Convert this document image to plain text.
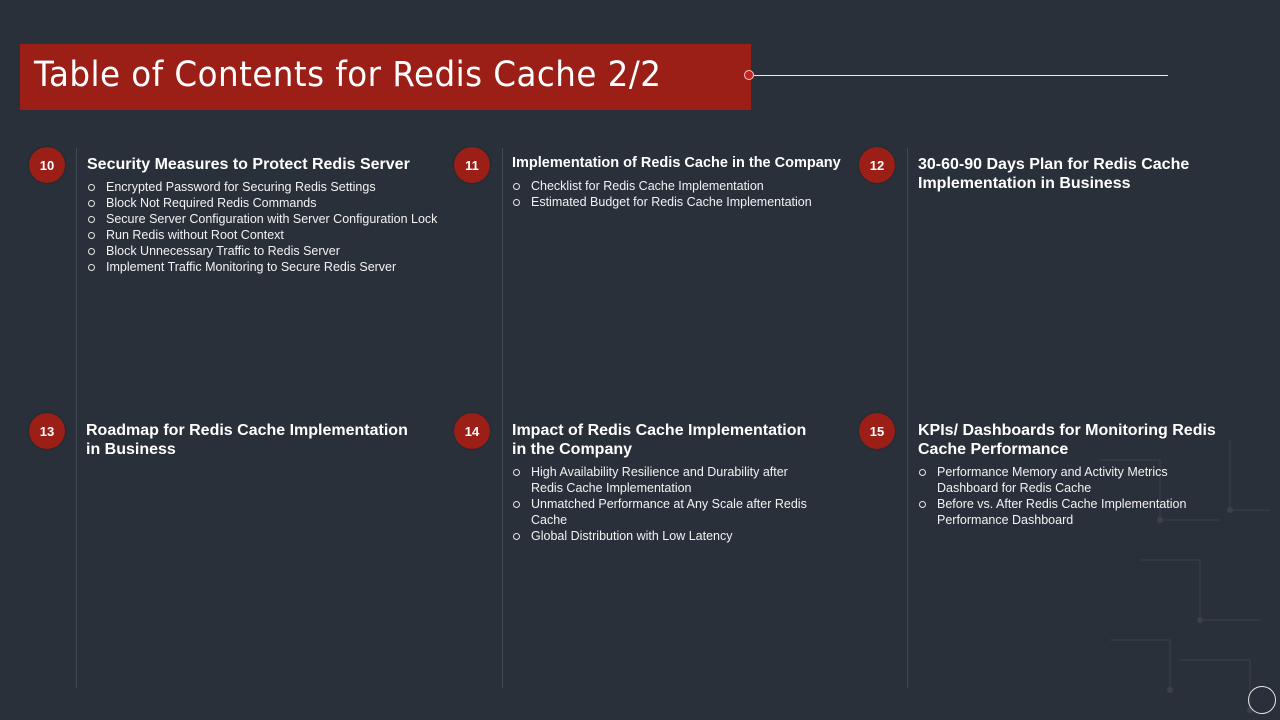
Table of Contents for Redis Cache 2/2
10	Security Measures to Protect Redis Server
Encrypted Password for Securing Redis Settings
Block Not Required Redis Commands
Secure Server Configuration with Server Configuration Lock
Run Redis without Root Context
Block Unnecessary Traffic to Redis Server
Implement Traffic Monitoring to Secure Redis Server
11	Implementation of Redis Cache in the Company
Checklist for Redis Cache Implementation
Estimated Budget for Redis Cache Implementation
12	30-60-90 Days Plan for Redis Cache Implementation in Business
13	Roadmap for Redis Cache Implementation in Business
14	Impact of Redis Cache Implementation in the Company
High Availability Resilience and Durability after Redis Cache Implementation
Unmatched Performance at Any Scale after Redis Cache
Global Distribution with Low Latency
15	KPIs/ Dashboards for Monitoring Redis Cache Performance
Performance Memory and Activity Metrics Dashboard for Redis Cache
Before vs. After Redis Cache Implementation Performance Dashboard
